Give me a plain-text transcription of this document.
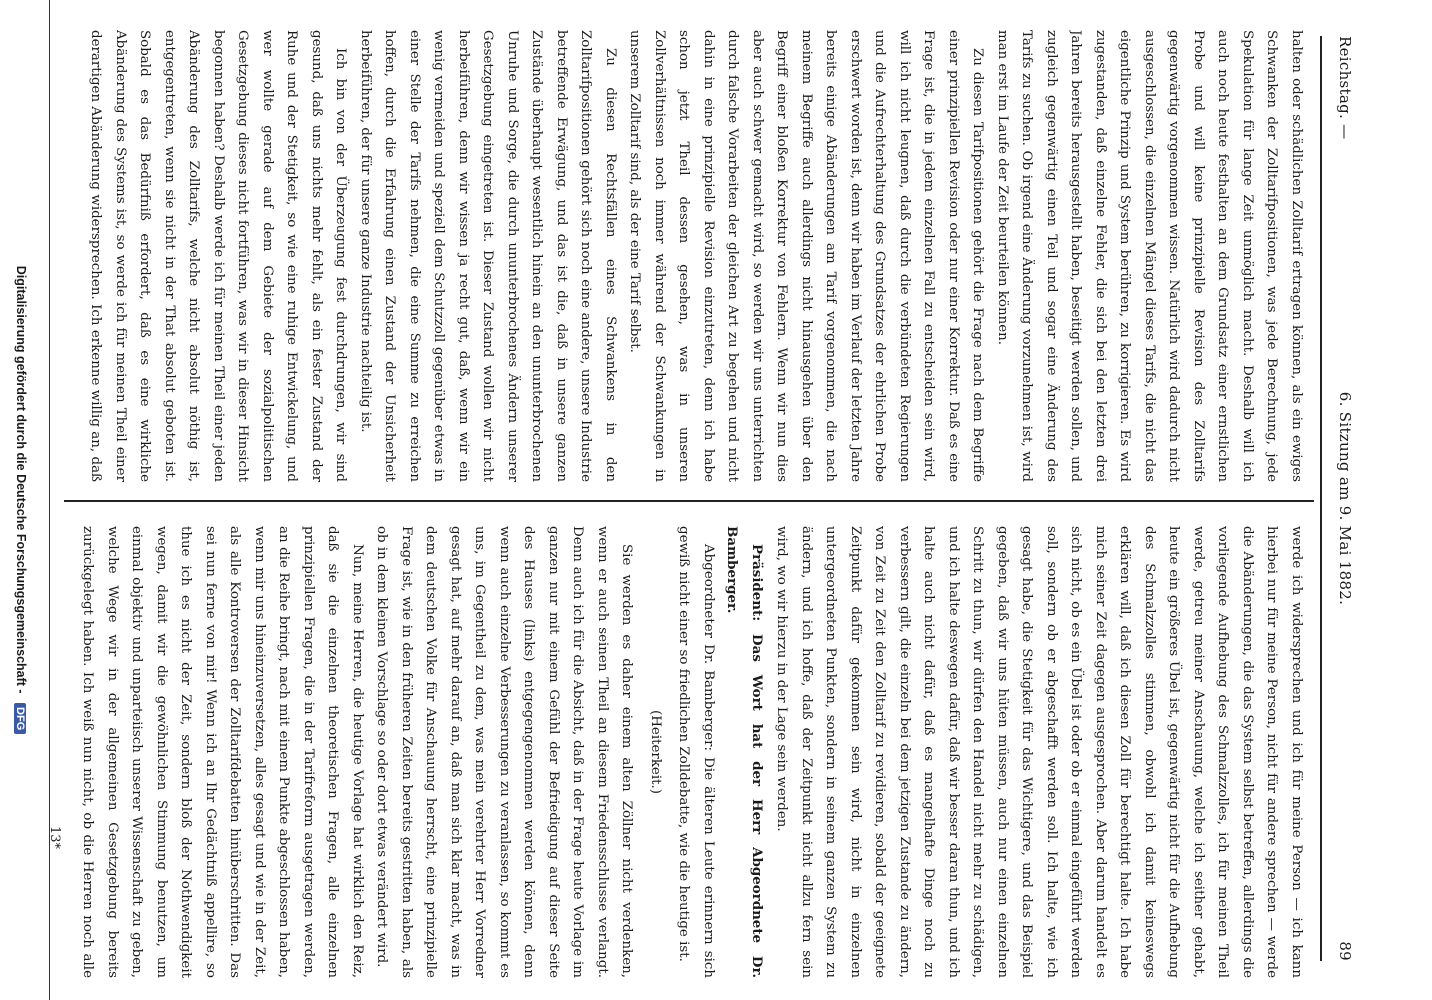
Reichstag. —
6. Sitzung am 9. Mai 1882.
89

halten oder schädlichen Zolltarif ertragen können, als ein ewiges Schwanken der Zolltarifpositionen, was jede Berechnung, jede Spekulation für lange Zeit unmöglich macht. Deshalb will ich auch noch heute festhalten an dem Grundsatz einer ernstlichen Probe und will keine prinzipielle Revision des Zolltarifs gegenwärtig vorgenommen wissen. Natürlich wird dadurch nicht ausgeschlossen, die einzelnen Mängel dieses Tarifs, die nicht das eigentliche Prinzip und System berühren, zu korrigieren. Es wird zugestanden, daß einzelne Fehler, die sich bei den letzten drei Jahren bereits herausgestellt haben, beseitigt werden sollen, und zugleich gegenwärtig einen Teil und sogar eine Änderung des Tarifs zu suchen. Ob irgend eine Änderung vorzunehmen ist, wird man erst im Laufe der Zeit beurteilen können.

Zu diesen Tarifpositionen gehört die Frage nach dem Begriffe einer prinzipiellen Revision oder nur einer Korrektur. Daß es eine Frage ist, die in jedem einzelnen Fall zu entscheiden sein wird, will ich nicht leugnen, daß durch die verbündeten Regierungen und die Aufrechterhaltung des Grundsatzes der ehrlichen Probe erschwert worden ist, denn wir haben im Verlauf der letzten Jahre bereits einige Abänderungen am Tarif vorgenommen, die nach meinem Begriffe auch allerdings nicht hinausgehen über den Begriff einer bloßen Korrektur von Fehlern. Wenn wir nun dies aber auch schwer gemacht wird, so werden wir uns unterrichten durch falsche Vorarbeiten der gleichen Art zu begehen und nicht dahin in eine prinzipielle Revision einzutreten, denn ich habe schon jetzt Theil dessen gesehen, was in unseren Zollverhältnissen noch immer während der Schwankungen in unserem Zolltarif sind, als der eine Tarif selbst.

Zu diesen Rechtsfällen eines Schwankens in den Zolltarifpositionen gehört sich noch eine andere, unsere Industrie betreffende Erwägung, und das ist die, daß in unsere ganzen Zustände überhaupt wesentlich hinein an den ununterbrochenen Unruhe und Sorge, die durch ununterbrochenes Ändern unserer Gesetzgebung eingetreten ist. Dieser Zustand wollen wir nicht herbeiführen, denn wir wissen ja recht gut, daß, wenn wir ein wenig vermeiden und speziell dem Schutzzoll gegenüber etwas in einer Stelle der Tarifs nehmen, die eine Summe zu erreichen hoffen, durch die Erfahrung einen Zustand der Unsicherheit herbeiführen, der für unsere ganze Industrie nachteilig ist.

Ich bin von der Überzeugung fest durchdrungen, wir sind gesund, daß uns nichts mehr fehlt, als ein fester Zustand der Ruhe und der Stetigkeit, so wie eine ruhige Entwickelung, und wer wollte gerade auf dem Gebiete der sozialpolitischen Gesetzgebung dieses nicht fortführen, was wir in dieser Hinsicht begonnen haben? Deshalb werde ich für meinen Theil einer jeden Abänderung des Zolltarifs, welche nicht absolut nöthig ist, entgegentreten, wenn sie nicht in der That absolut geboten ist. Sobald es das Bedürfniß erfordert, daß es eine wirkliche Abänderung des Systems ist, so werde ich für meinen Theil einer derartigen Abänderung widersprechen. Ich erkenne willig an, daß

werde ich widersprechen und ich für meine Person — ich kann hierbei nur für meine Person, nicht für andere sprechen — werde die Abänderungen, die das System selbst betreffen, allerdings die vorliegende Aufhebung des Schmalzzolles, ich für meinen Theil werde, getreu meiner Anschauung, welche ich seither gehabt, heute ein größeres Übel ist, gegenwärtig nicht für die Aufhebung des Schmalzzolles stimmen, obwohl ich damit keineswegs erklären will, daß ich diesen Zoll für berechtigt halte. Ich habe mich seiner Zeit dagegen ausgesprochen. Aber darum handelt es sich nicht, ob es ein Übel ist oder ob er einmal eingeführt werden soll, sondern ob er abgeschafft werden soll. Ich halte, wie ich gesagt habe, die Stetigkeit für das Wichtigere, und das Beispiel gegeben, daß wir uns hüten müssen, auch nur einen einzelnen Schritt zu thun, wir dürfen den Handel nicht mehr zu schädigen, und ich halte deswegen dafür, daß wir besser daran thun, und ich halte auch nicht dafür, daß es mangelhafte Dinge noch zu verbessern gilt, die einzeln bei dem jetzigen Zustande zu ändern, von Zeit zu Zeit den Zolltarif zu revidieren, sobald der geeignete Zeitpunkt dafür gekommen sein wird, nicht in einzelnen untergeordneten Punkten, sondern in seinem ganzen System zu ändern, und ich hoffe, daß der Zeitpunkt nicht allzu fern sein wird, wo wir hierzu in der Lage sein werden.

Präsident: Das Wort hat der Herr Abgeordnete Dr. Bamberger.

Abgeordneter Dr. Bamberger: Die älteren Leute erinnern sich gewiß nicht einer so friedlichen Zolldebatte, wie die heutige ist.

(Heiterkeit.)

Sie werden es daher einem alten Zöllner nicht verdenken, wenn er auch seinen Theil an diesem Friedensschlusse verlangt. Denn auch ich für die Absicht, daß in der Frage heute Vorlage im ganzen nur mit einem Gefühl der Befriedigung auf dieser Seite des Hauses (links) entgegengenommen werden können, denn wenn auch einzelne Verbesserungen zu veranlassen, so kommt es uns, im Gegentheil zu dem, was mein verehrter Herr Vorredner gesagt hat, auf mehr darauf an, daß man sich klar macht, was in dem deutschen Volke für Anschauung herrscht, eine prinzipielle Frage ist, wie in den früheren Zeiten bereits gestritten haben, als ob in dem kleinen Vorschlage so oder dort etwas verändert wird.

Nun, meine Herren, die heutige Vorlage hat wirklich den Reiz, daß sie die einzelnen theoretischen Fragen, alle einzelnen prinzipiellen Fragen, die in der Tarifreform ausgetragen werden, an die Reihe bringt, nach mit einem Punkte abgeschlossen haben, wenn mir uns hineinzuversetzen, alles gesagt und wie in der Zeit, als alle Kontroversen der Zolltarifdebatten hinüberschritten. Das sei nun ferne von mir! Wenn ich an Ihr Gedächtniß appellire, so thue ich es nicht der Zeit, sondern bloß der Nothwendigkeit wegen, damit wir die gewöhnlichen Stimmung benutzen, um einmal objektiv und unparteiisch unserer Wissenschaft zu geben, welche Wege wir in der allgemeinen Gesetzgebung bereits zurückgelegt haben. Ich weiß nun nicht, ob die Herren noch alle

13*
Digitalisierung gefördert durch die Deutsche Forschungsgemeinschaft - DFG
